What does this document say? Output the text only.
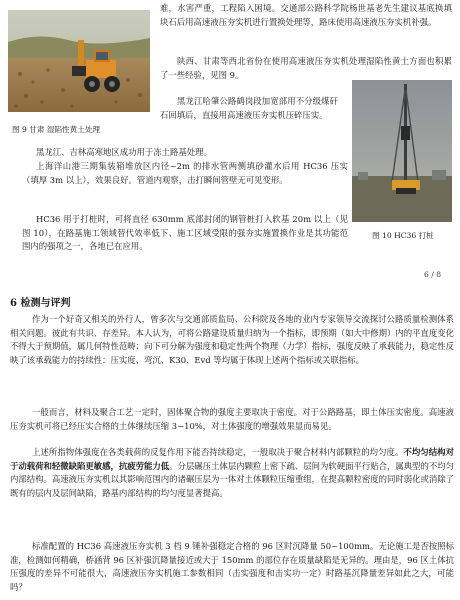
图 9 甘肃 湿陷性黄土处理
难，水害严重，工程陷入困境。交通部公路科学院杨世基老先生建议基底换填块石后用高速液压夯实机进行置换处理等，路床使用高速液压夯实机补强。
陕西、甘肃等西北省份在使用高速液压夯实机处理湿陷性黄土方面也积累了一些经验，见图 9。
黑龙江哈肇公路鹤岗段加宽部用不分级煤矸石回填后，直接用高速液压夯实机压碎压实。
图 10 HC36 打桩
黑龙江、吉林高寒地区成功用于冻土路基处理。
上海洋山港三期集装箱堆放区内径~2m 的排水管两侧填砂灌水后用 HC36 压实（填厚 3m 以上），效果良好。管道内观察，击打瞬间管壁无可见变形。
HC36 用于打桩时，可将直径 630mm 底部封闭的钢管桩打入软基 20m 以上（见图 10），在路基施工领域替代效率低下、施工区域受限的强夯实施置换作业是其功能范围内的强项之一，各地已在应用。
6 / 8
6 检测与评判
作为一个好奇又相关的外行人，曾多次与交通部质监局、公科院及各地的业内专家领导交流探讨公路质量检测体系相关问题。彼此有共识、存差异。本人认为，可将公路建设质量归纳为一个指标，即预期（如大中修期）内的平直度变化不得大于预期值，属几何特性范畴；向下可分解为强度和稳定性两个物理（力学）指标，强度反映了承载能力，稳定性反映了该承载能力的持续性：压实度、弯沉、K30、Evd 等均属于体现上述两个指标或关联指标。
一般而言，材料及聚合工艺一定时，固体聚合物的强度主要取决于密度。对于公路路基，即土体压实密度。高速液压夯实机可将已经压实合格的土体继续压缩 3~10%，对土体强度的增强效果显而易见。
上述所指物体强度在各类载荷的反复作用下能否持续稳定，一般取决于聚合材料内部颗粒的均匀度。不均匀结构对于动载荷和轻微缺陷更敏感，抗疲劳能力低。分层碾压土体层内颗粒上密下疏、层间为软硬面平行贴合，属典型的不均匀内部结构。高速液压夯实机以其影响范围内的诸碾压层为一体对土体颗粒压缩重组，在提高颗粒密度的同时弱化或消除了既有的层内及层间缺陷，路基内部结构的均匀度显著提高。
标准配置的 HC36 高速液压夯实机 3 档 9 锤补强稳定合格的 96 区时沉降量 50~100mm。无论施工是否按照标准，检测如何精确，桥涵背 96 区补强沉降量接近或大于 150mm 的部位存在质量缺陷是无异的。理由是，96 区土体抗压强度的差异不可能很大，高速液压夯实机施工参数相同（击实强度和击实功一定）时路基沉降量差异如此之大，可能吗？
